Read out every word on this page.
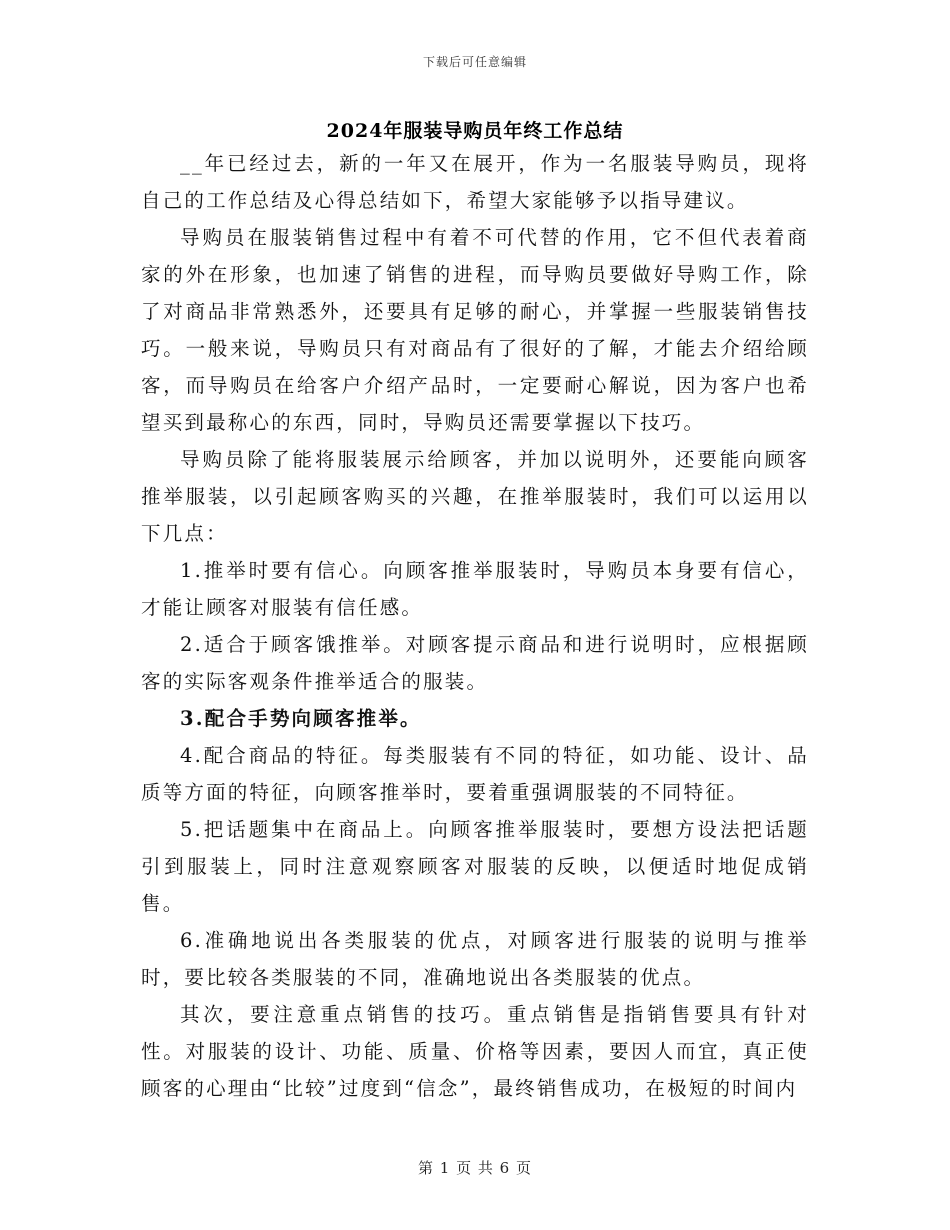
下载后可任意编辑
2024年服装导购员年终工作总结

__年已经过去，新的一年又在展开，作为一名服装导购员，现将自己的工作总结及心得总结如下，希望大家能够予以指导建议。

导购员在服装销售过程中有着不可代替的作用，它不但代表着商家的外在形象，也加速了销售的进程，而导购员要做好导购工作，除了对商品非常熟悉外，还要具有足够的耐心，并掌握一些服装销售技巧。一般来说，导购员只有对商品有了很好的了解，才能去介绍给顾客，而导购员在给客户介绍产品时，一定要耐心解说，因为客户也希望买到最称心的东西，同时，导购员还需要掌握以下技巧。

导购员除了能将服装展示给顾客，并加以说明外，还要能向顾客推举服装，以引起顾客购买的兴趣，在推举服装时，我们可以运用以下几点：

1.推举时要有信心。向顾客推举服装时，导购员本身要有信心，才能让顾客对服装有信任感。

2.适合于顾客饿推举。对顾客提示商品和进行说明时，应根据顾客的实际客观条件推举适合的服装。

3.配合手势向顾客推举。

4.配合商品的特征。每类服装有不同的特征，如功能、设计、品质等方面的特征，向顾客推举时，要着重强调服装的不同特征。

5.把话题集中在商品上。向顾客推举服装时，要想方设法把话题引到服装上，同时注意观察顾客对服装的反映，以便适时地促成销售。

6.准确地说出各类服装的优点，对顾客进行服装的说明与推举时，要比较各类服装的不同，准确地说出各类服装的优点。

其次，要注意重点销售的技巧。重点销售是指销售要具有针对性。对服装的设计、功能、质量、价格等因素，要因人而宜，真正使顾客的心理由“比较”过度到“信念”，最终销售成功，在极短的时间内

第 1 页 共 6 页
